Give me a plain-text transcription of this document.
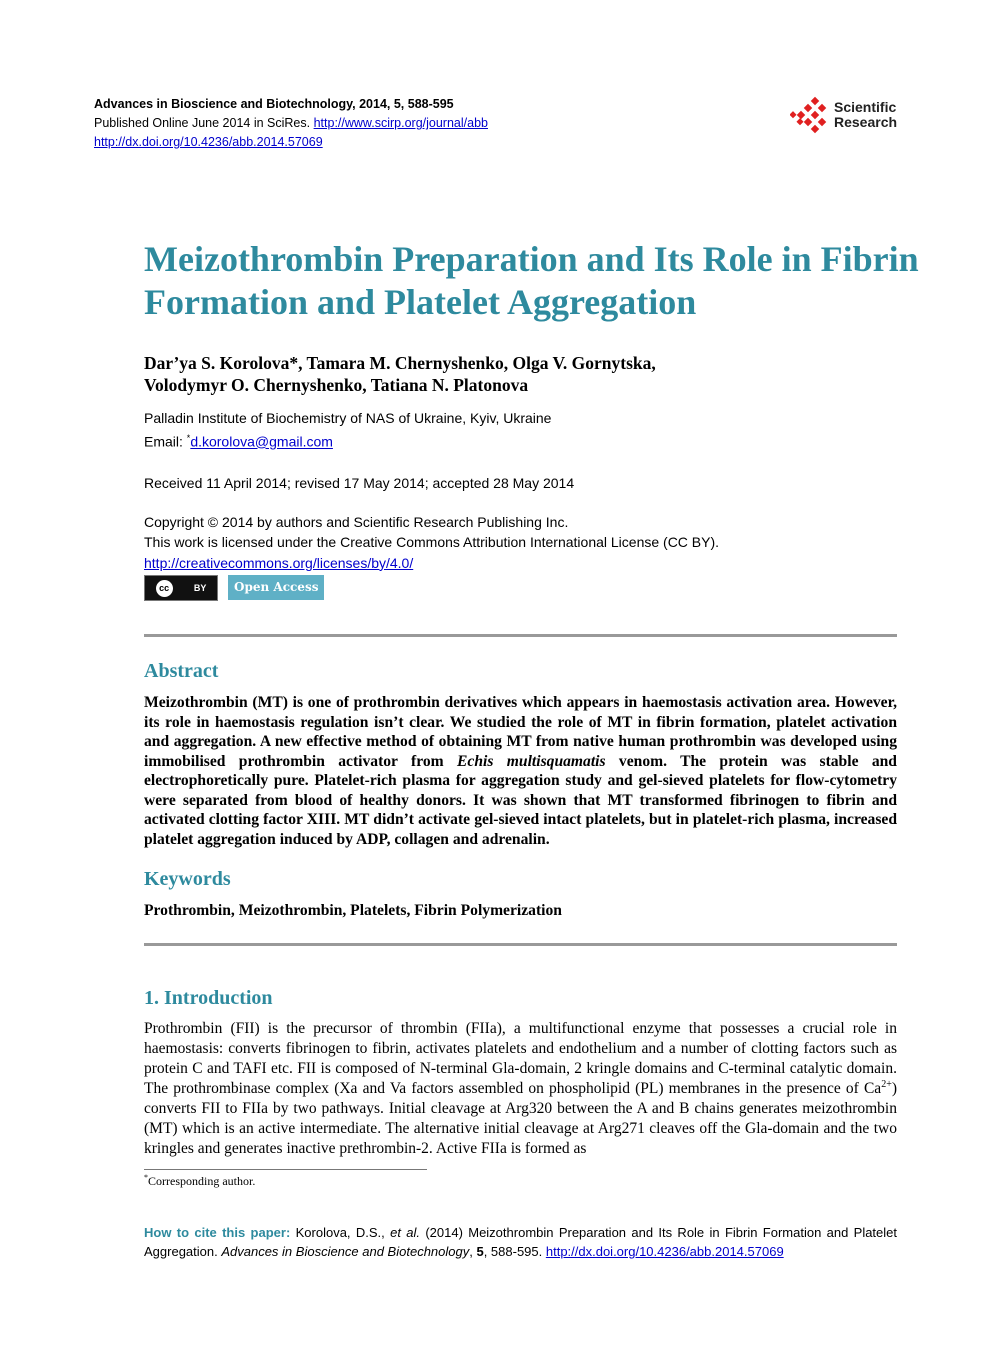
Advances in Bioscience and Biotechnology, 2014, 5, 588-595
Published Online June 2014 in SciRes. http://www.scirp.org/journal/abb
http://dx.doi.org/10.4236/abb.2014.57069
Scientific
Research
Meizothrombin Preparation and Its Role in Fibrin Formation and Platelet Aggregation
Dar’ya S. Korolova*, Tamara M. Chernyshenko, Olga V. Gornytska,
Volodymyr O. Chernyshenko, Tatiana N. Platonova
Palladin Institute of Biochemistry of NAS of Ukraine, Kyiv, Ukraine
Email: *d.korolova@gmail.com
Received 11 April 2014; revised 17 May 2014; accepted 28 May 2014
Copyright © 2014 by authors and Scientific Research Publishing Inc.
This work is licensed under the Creative Commons Attribution International License (CC BY).
http://creativecommons.org/licenses/by/4.0/
cc	BY	Open Access
Abstract
Meizothrombin (MT) is one of prothrombin derivatives which appears in haemostasis activation area. However, its role in haemostasis regulation isn’t clear. We studied the role of MT in fibrin formation, platelet activation and aggregation. A new effective method of obtaining MT from native human prothrombin was developed using immobilised prothrombin activator from Echis multisquamatis venom. The protein was stable and electrophoretically pure. Platelet-rich plasma for aggregation study and gel-sieved platelets for flow-cytometry were separated from blood of healthy donors. It was shown that MT transformed fibrinogen to fibrin and activated clotting factor XIII. MT didn’t activate gel-sieved intact platelets, but in platelet-rich plasma, increased platelet aggregation induced by ADP, collagen and adrenalin.
Keywords
Prothrombin, Meizothrombin, Platelets, Fibrin Polymerization
1. Introduction
Prothrombin (FII) is the precursor of thrombin (FIIa), a multifunctional enzyme that possesses a crucial role in haemostasis: converts fibrinogen to fibrin, activates platelets and endothelium and a number of clotting factors such as protein C and TAFI etc. FII is composed of N-terminal Gla-domain, 2 kringle domains and C-terminal catalytic domain. The prothrombinase complex (Xa and Va factors assembled on phospholipid (PL) membranes in the presence of $Ca^{2+}$) converts FII to FIIa by two pathways. Initial cleavage at Arg320 between the A and B chains generates meizothrombin (MT) which is an active intermediate. The alternative initial cleavage at Arg271 cleaves off the Gla-domain and the two kringles and generates inactive prethrombin-2. Active FIIa is formed as
*Corresponding author.
How to cite this paper: Korolova, D.S., et al. (2014) Meizothrombin Preparation and Its Role in Fibrin Formation and Platelet Aggregation. Advances in Bioscience and Biotechnology, 5, 588-595. http://dx.doi.org/10.4236/abb.2014.57069
